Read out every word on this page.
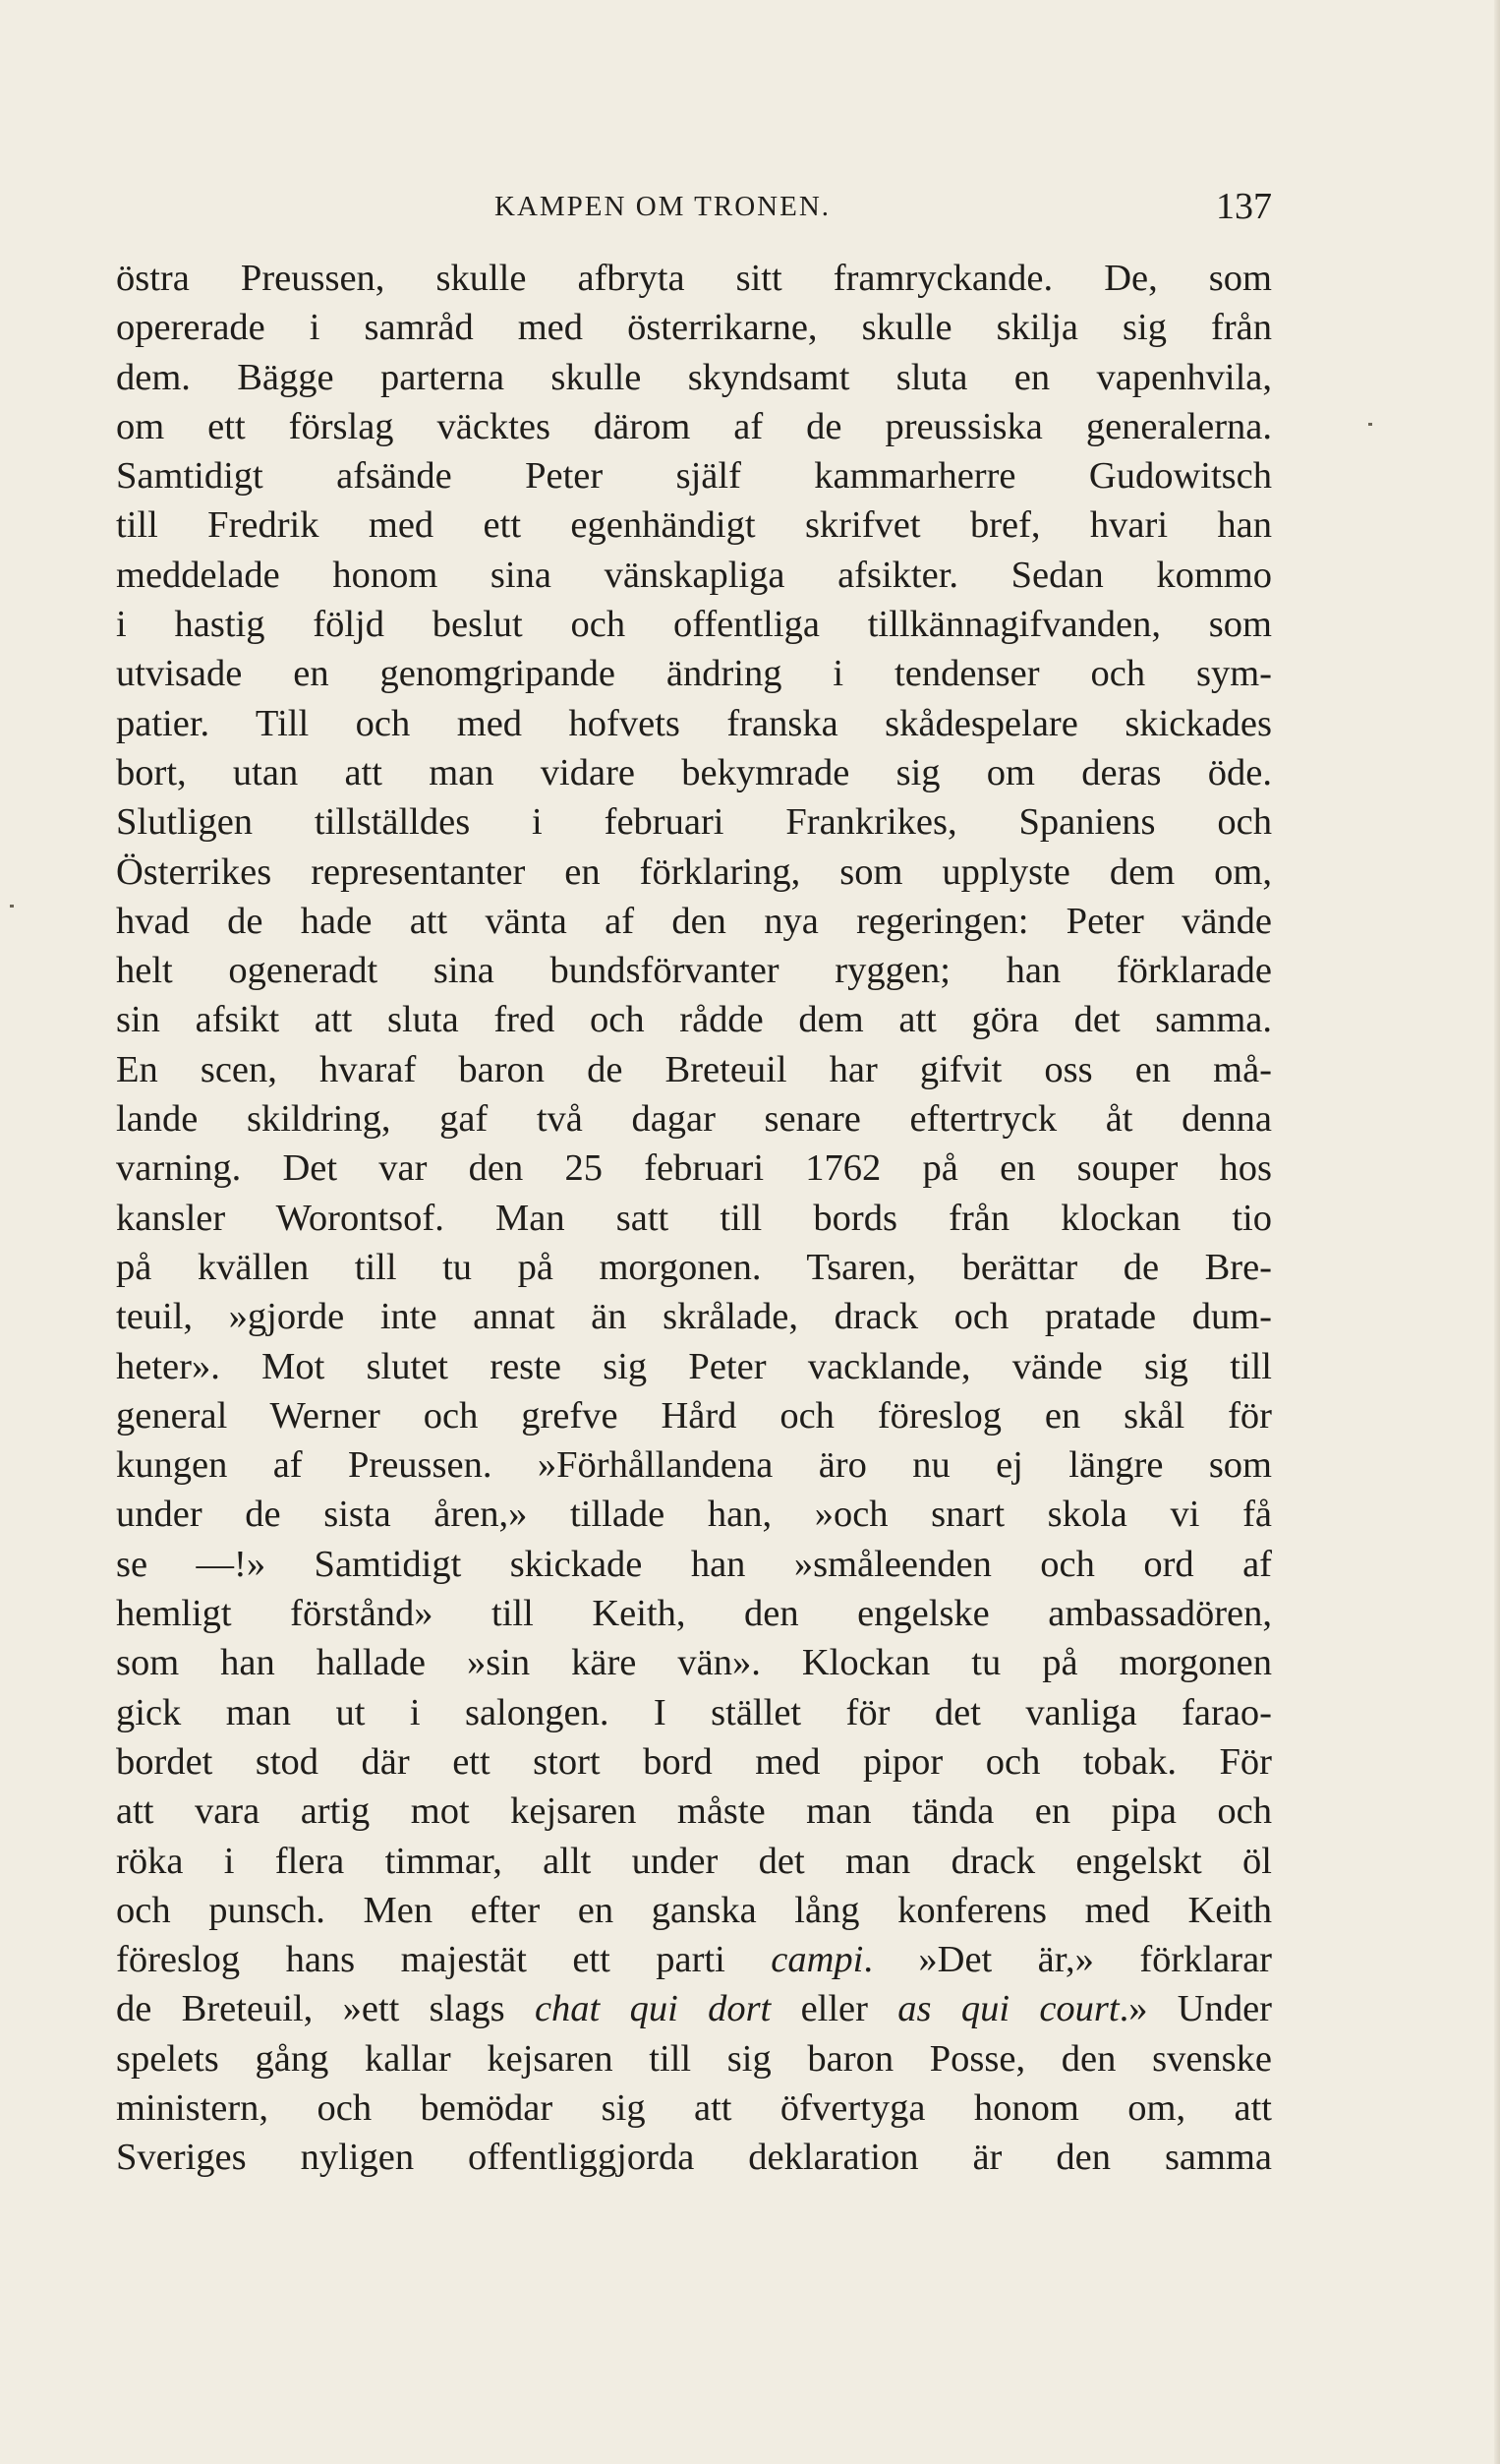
KAMPEN OM TRONEN.	137
östra Preussen, skulle afbryta sitt framryckande. De, som
opererade i samråd med österrikarne, skulle skilja sig från
dem. Bägge parterna skulle skyndsamt sluta en vapenhvila,
om ett förslag väcktes därom af de preussiska generalerna.
Samtidigt afsände Peter själf kammarherre Gudowitsch
till Fredrik med ett egenhändigt skrifvet bref, hvari han
meddelade honom sina vänskapliga afsikter. Sedan kommo
i hastig följd beslut och offentliga tillkännagifvanden, som
utvisade en genomgripande ändring i tendenser och sym-
patier. Till och med hofvets franska skådespelare skickades
bort, utan att man vidare bekymrade sig om deras öde.
Slutligen tillställdes i februari Frankrikes, Spaniens och
Österrikes representanter en förklaring, som upplyste dem om,
hvad de hade att vänta af den nya regeringen: Peter vände
helt ogeneradt sina bundsförvanter ryggen; han förklarade
sin afsikt att sluta fred och rådde dem att göra det samma.
En scen, hvaraf baron de Breteuil har gifvit oss en må-
lande skildring, gaf två dagar senare eftertryck åt denna
varning. Det var den 25 februari 1762 på en souper hos
kansler Worontsof. Man satt till bords från klockan tio
på kvällen till tu på morgonen. Tsaren, berättar de Bre-
teuil, »gjorde inte annat än skrålade, drack och pratade dum-
heter». Mot slutet reste sig Peter vacklande, vände sig till
general Werner och grefve Hård och föreslog en skål för
kungen af Preussen. »Förhållandena äro nu ej längre som
under de sista åren,» tillade han, »och snart skola vi få
se —!» Samtidigt skickade han »småleenden och ord af
hemligt förstånd» till Keith, den engelske ambassadören,
som han hallade »sin käre vän». Klockan tu på morgonen
gick man ut i salongen. I stället för det vanliga farao-
bordet stod där ett stort bord med pipor och tobak. För
att vara artig mot kejsaren måste man tända en pipa och
röka i flera timmar, allt under det man drack engelskt öl
och punsch. Men efter en ganska lång konferens med Keith
föreslog hans majestät ett parti campi. »Det är,» förklarar
de Breteuil, »ett slags chat qui dort eller as qui court.» Under
spelets gång kallar kejsaren till sig baron Posse, den svenske
ministern, och bemödar sig att öfvertyga honom om, att
Sveriges nyligen offentliggjorda deklaration är den samma
